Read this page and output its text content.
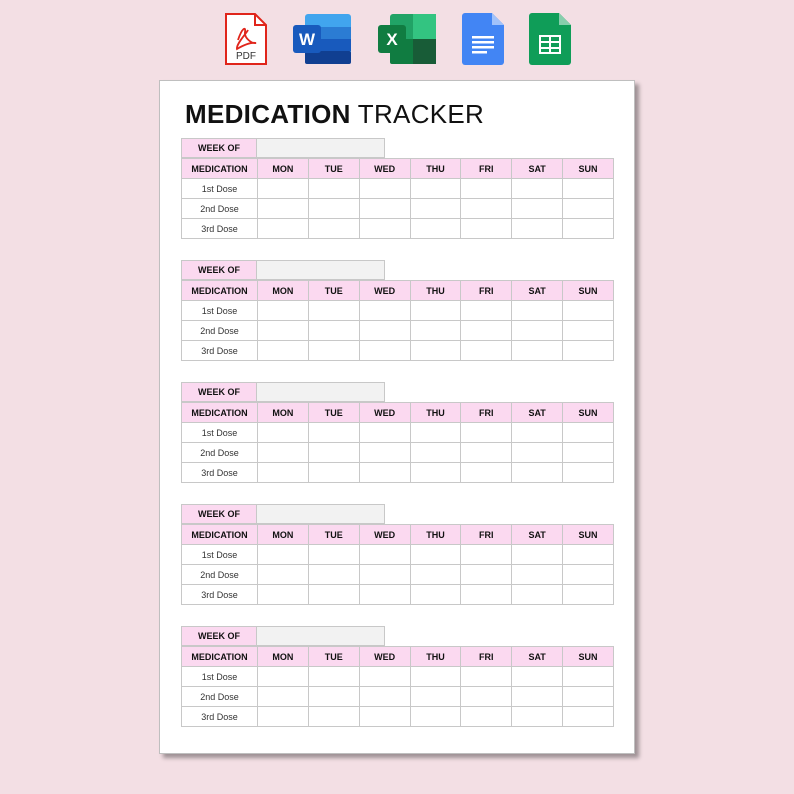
PDF
W	X
MEDICATION TRACKER
WEEK OF
MEDICATION	MON	TUE	WED	THU	FRI	SAT	SUN
1st Dose							
2nd Dose							
3rd Dose							
WEEK OF
MEDICATION	MON	TUE	WED	THU	FRI	SAT	SUN
1st Dose							
2nd Dose							
3rd Dose							
WEEK OF
MEDICATION	MON	TUE	WED	THU	FRI	SAT	SUN
1st Dose							
2nd Dose							
3rd Dose							
WEEK OF
MEDICATION	MON	TUE	WED	THU	FRI	SAT	SUN
1st Dose							
2nd Dose							
3rd Dose							
WEEK OF
MEDICATION	MON	TUE	WED	THU	FRI	SAT	SUN
1st Dose							
2nd Dose							
3rd Dose							
